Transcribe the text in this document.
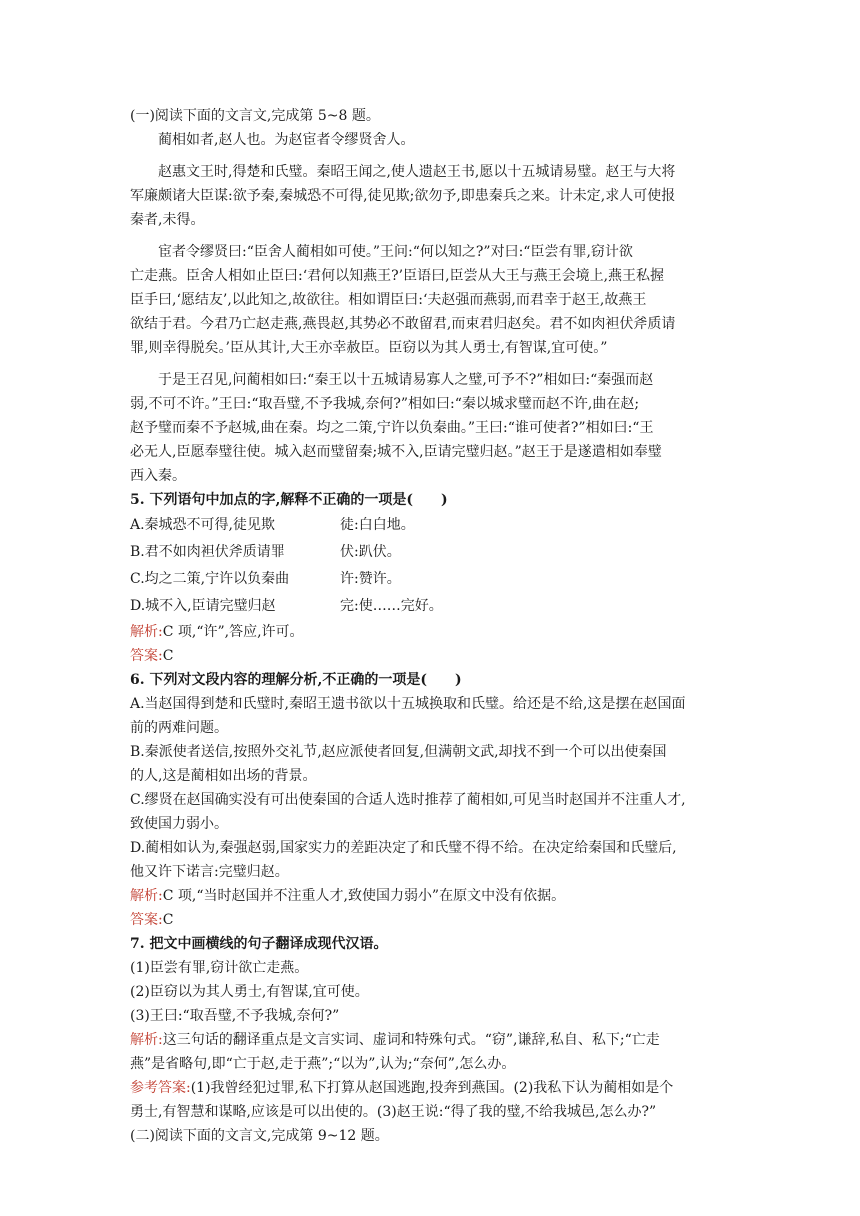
(一)阅读下面的文言文,完成第 5~8 题。
蔺相如者,赵人也。为赵宦者令缪贤舍人。
赵惠文王时,得楚和氏璧。秦昭王闻之,使人遗赵王书,愿以十五城请易璧。赵王与大将
军廉颇诸大臣谋:欲予秦,秦城恐不可得,徒见欺;欲勿予,即患秦兵之来。计未定,求人可使报
秦者,未得。
宦者令缪贤曰:“臣舍人蔺相如可使。”王问:“何以知之?”对曰:“臣尝有罪,窃计欲
亡走燕。臣舍人相如止臣曰:‘君何以知燕王?’臣语曰,臣尝从大王与燕王会境上,燕王私握
臣手曰,‘愿结友’,以此知之,故欲往。相如谓臣曰:‘夫赵强而燕弱,而君幸于赵王,故燕王
欲结于君。今君乃亡赵走燕,燕畏赵,其势必不敢留君,而束君归赵矣。君不如肉袒伏斧质请
罪,则幸得脱矣。’臣从其计,大王亦幸赦臣。臣窃以为其人勇士,有智谋,宜可使。”
于是王召见,问蔺相如曰:“秦王以十五城请易寡人之璧,可予不?”相如曰:“秦强而赵
弱,不可不许。”王曰:“取吾璧,不予我城,奈何?”相如曰:“秦以城求璧而赵不许,曲在赵;
赵予璧而秦不予赵城,曲在秦。均之二策,宁许以负秦曲。”王曰:“谁可使者?”相如曰:“王
必无人,臣愿奉璧往使。城入赵而璧留秦;城不入,臣请完璧归赵。”赵王于是遂遣相如奉璧
西入秦。
5. 下列语句中加点的字,解释不正确的一项是(　　)
A.秦城恐不可得,徒见欺	徒:白白地。
B.君不如肉袒伏斧质请罪	伏:趴伏。
C.均之二策,宁许以负秦曲	许:赞许。
D.城不入,臣请完璧归赵	完:使……完好。
解析:C 项,“许”,答应,许可。
答案:C
6. 下列对文段内容的理解分析,不正确的一项是(　　)
A.当赵国得到楚和氏璧时,秦昭王遗书欲以十五城换取和氏璧。给还是不给,这是摆在赵国面
前的两难问题。
B.秦派使者送信,按照外交礼节,赵应派使者回复,但满朝文武,却找不到一个可以出使秦国
的人,这是蔺相如出场的背景。
C.缪贤在赵国确实没有可出使秦国的合适人选时推荐了蔺相如,可见当时赵国并不注重人才,
致使国力弱小。
D.蔺相如认为,秦强赵弱,国家实力的差距决定了和氏璧不得不给。在决定给秦国和氏璧后,
他又许下诺言:完璧归赵。
解析:C 项,“当时赵国并不注重人才,致使国力弱小”在原文中没有依据。
答案:C
7. 把文中画横线的句子翻译成现代汉语。
(1)臣尝有罪,窃计欲亡走燕。
(2)臣窃以为其人勇士,有智谋,宜可使。
(3)王曰:“取吾璧,不予我城,奈何?”
解析:这三句话的翻译重点是文言实词、虚词和特殊句式。“窃”,谦辞,私自、私下;“亡走
燕”是省略句,即“亡于赵,走于燕”;“以为”,认为;“奈何”,怎么办。
参考答案:(1)我曾经犯过罪,私下打算从赵国逃跑,投奔到燕国。(2)我私下认为蔺相如是个
勇士,有智慧和谋略,应该是可以出使的。(3)赵王说:“得了我的璧,不给我城邑,怎么办?”
(二)阅读下面的文言文,完成第 9~12 题。
